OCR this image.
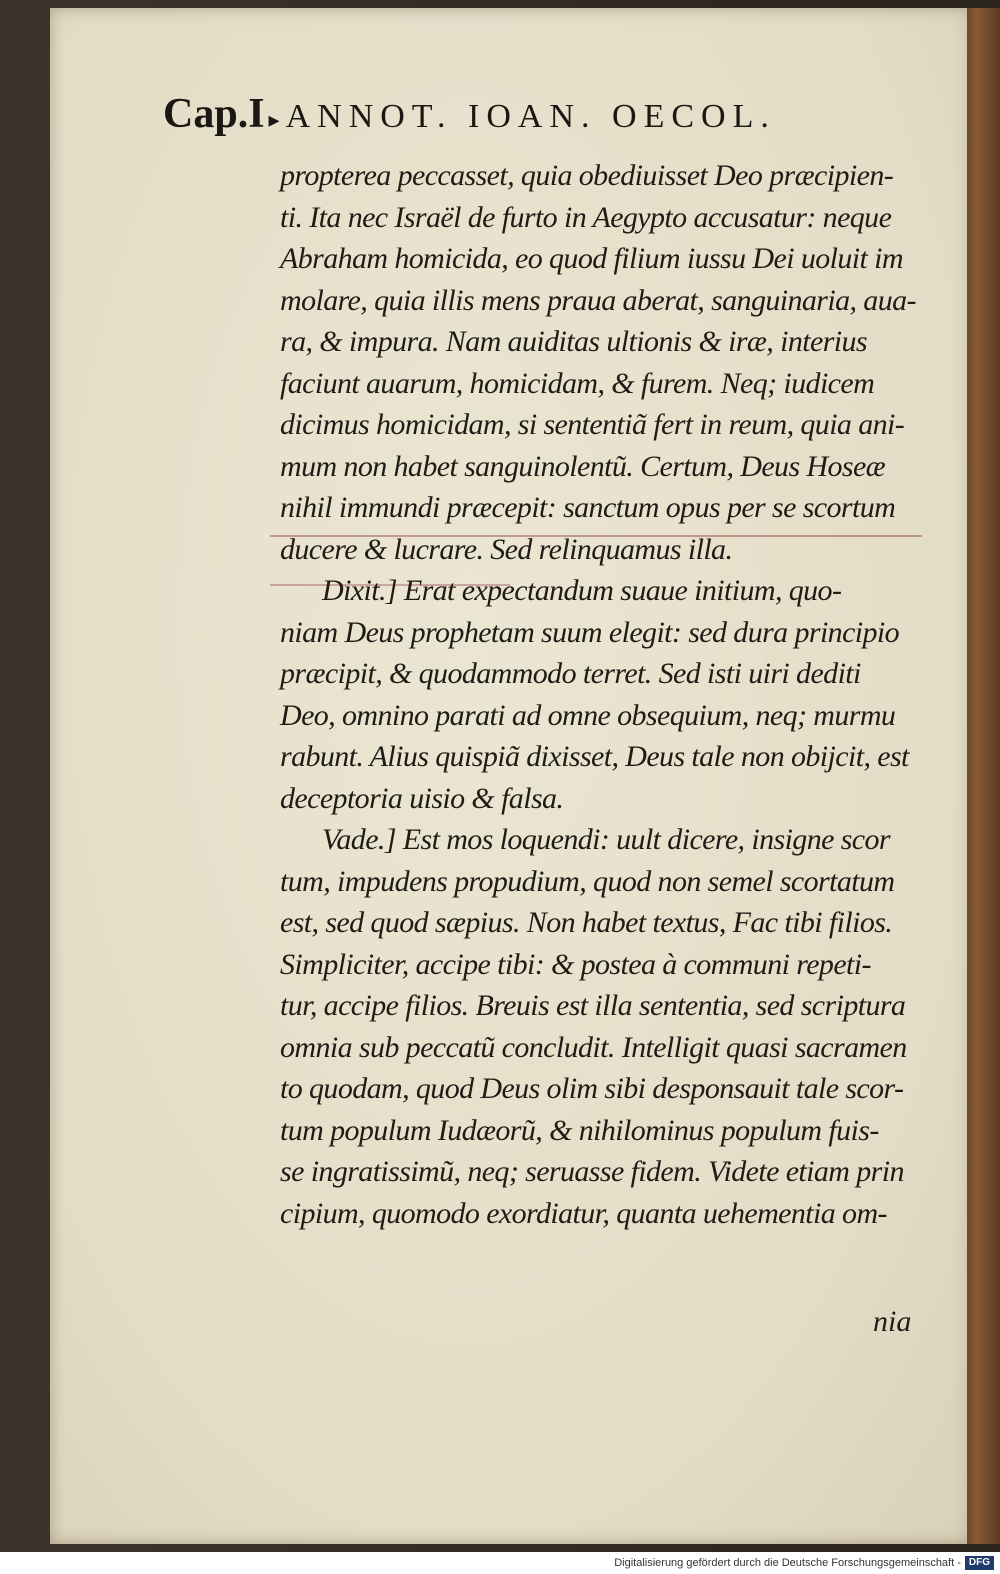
Cap.I ▸ ANNOT. IOAN. OECOL.
propterea peccasset, quia obediuisset Deo præcipien-
ti. Ita nec Israël de furto in Aegypto accusatur: neque
Abraham homicida, eo quod filium iussu Dei uoluit im
molare, quia illis mens praua aberat, sanguinaria, aua-
ra, & impura. Nam auiditas ultionis & iræ, interius
faciunt auarum, homicidam, & furem. Neq; iudicem
dicimus homicidam, si sententiã fert in reum, quia ani-
mum non habet sanguinolentũ. Certum, Deus Hoseæ
nihil immundi præcepit: sanctum opus per se scortum
ducere & lucrare. Sed relinquamus illa.
Dixit.] Erat expectandum suaue initium, quo-
niam Deus prophetam suum elegit: sed dura principio
præcipit, & quodammodo terret. Sed isti uiri dediti
Deo, omnino parati ad omne obsequium, neq; murmu
rabunt. Alius quispiã dixisset, Deus tale non obijcit, est
deceptoria uisio & falsa.
Vade.] Est mos loquendi: uult dicere, insigne scor
tum, impudens propudium, quod non semel scortatum
est, sed quod sæpius. Non habet textus, Fac tibi filios.
Simpliciter, accipe tibi: & postea à communi repeti-
tur, accipe filios. Breuis est illa sententia, sed scriptura
omnia sub peccatũ concludit. Intelligit quasi sacramen
to quodam, quod Deus olim sibi desponsauit tale scor-
tum populum Iudæorũ, & nihilominus populum fuis-
se ingratissimũ, neq; seruasse fidem. Videte etiam prin
cipium, quomodo exordiatur, quanta uehementia om-
nia
Digitalisierung gefördert durch die Deutsche Forschungsgemeinschaft - DFG
